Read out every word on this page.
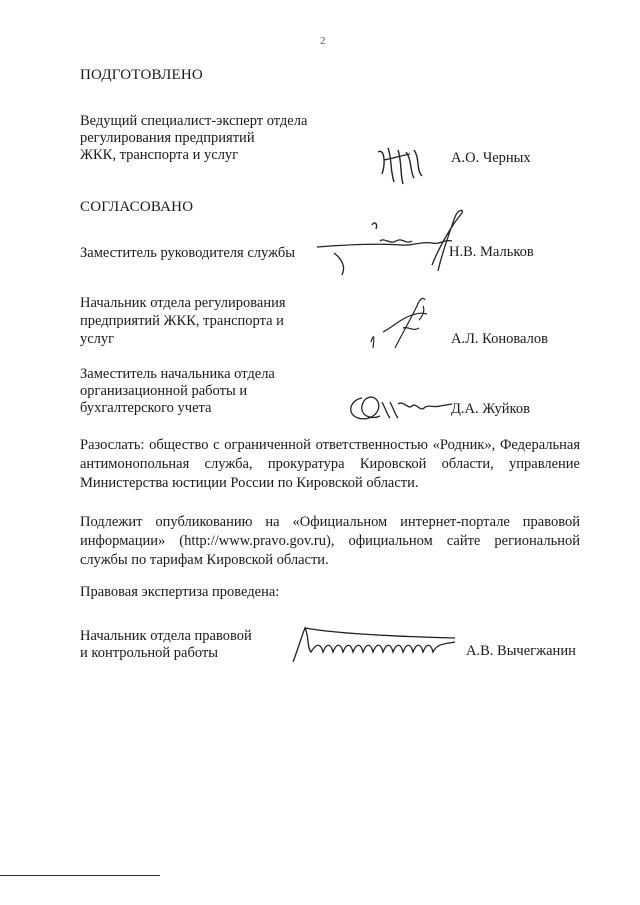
2
ПОДГОТОВЛЕНО
Ведущий специалист-эксперт отдела
регулирования предприятий
ЖКК, транспорта и услуг	А.О. Черных
СОГЛАСОВАНО
Заместитель руководителя службы	Н.В. Мальков
Начальник отдела регулирования
предприятий ЖКК, транспорта и
услуг	А.Л. Коновалов
Заместитель начальника отдела
организационной работы и
бухгалтерского учета	Д.А. Жуйков
Разослать: общество с ограниченной ответственностью «Родник», Федеральная антимонопольная служба, прокуратура Кировской области, управление Министерства юстиции России по Кировской области.
Подлежит опубликованию на «Официальном интернет-портале правовой информации» (http://www.pravo.gov.ru), официальном сайте региональной службы по тарифам Кировской области.
Правовая экспертиза проведена:
Начальник отдела правовой
и контрольной работы	А.В. Вычегжанин
